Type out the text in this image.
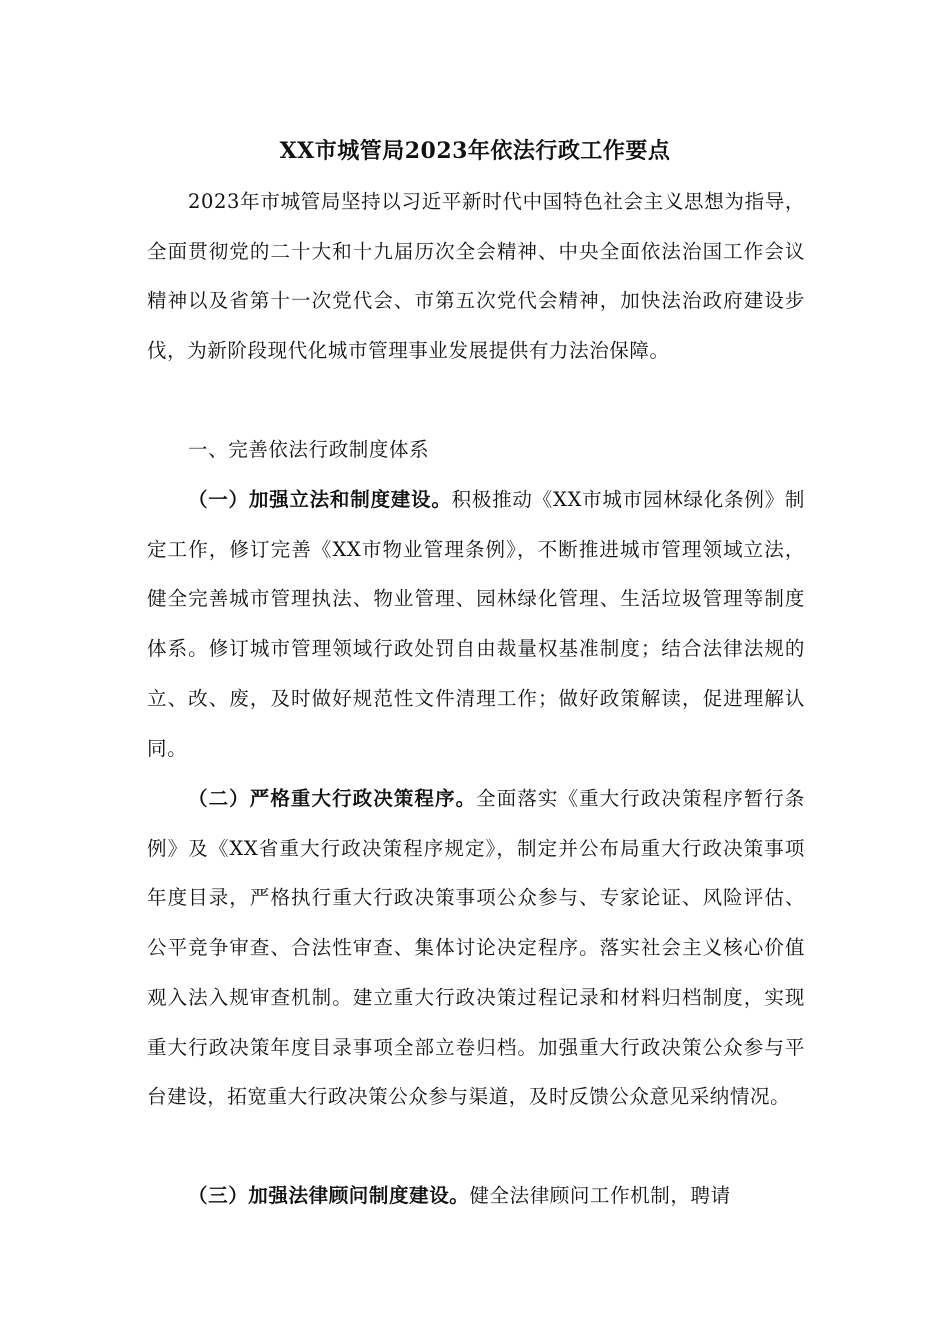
XX市城管局2023年依法行政工作要点

2023年市城管局坚持以习近平新时代中国特色社会主义思想为指导，全面贯彻党的二十大和十九届历次全会精神、中央全面依法治国工作会议精神以及省第十一次党代会、市第五次党代会精神，加快法治政府建设步伐，为新阶段现代化城市管理事业发展提供有力法治保障。

一、完善依法行政制度体系

（一）加强立法和制度建设。积极推动《XX市城市园林绿化条例》制定工作，修订完善《XX市物业管理条例》，不断推进城市管理领域立法，健全完善城市管理执法、物业管理、园林绿化管理、生活垃圾管理等制度体系。修订城市管理领域行政处罚自由裁量权基准制度；结合法律法规的立、改、废，及时做好规范性文件清理工作；做好政策解读，促进理解认同。

（二）严格重大行政决策程序。全面落实《重大行政决策程序暂行条例》及《XX省重大行政决策程序规定》，制定并公布局重大行政决策事项年度目录，严格执行重大行政决策事项公众参与、专家论证、风险评估、公平竞争审查、合法性审查、集体讨论决定程序。落实社会主义核心价值观入法入规审查机制。建立重大行政决策过程记录和材料归档制度，实现重大行政决策年度目录事项全部立卷归档。加强重大行政决策公众参与平台建设，拓宽重大行政决策公众参与渠道，及时反馈公众意见采纳情况。

（三）加强法律顾问制度建设。健全法律顾问工作机制，聘请
